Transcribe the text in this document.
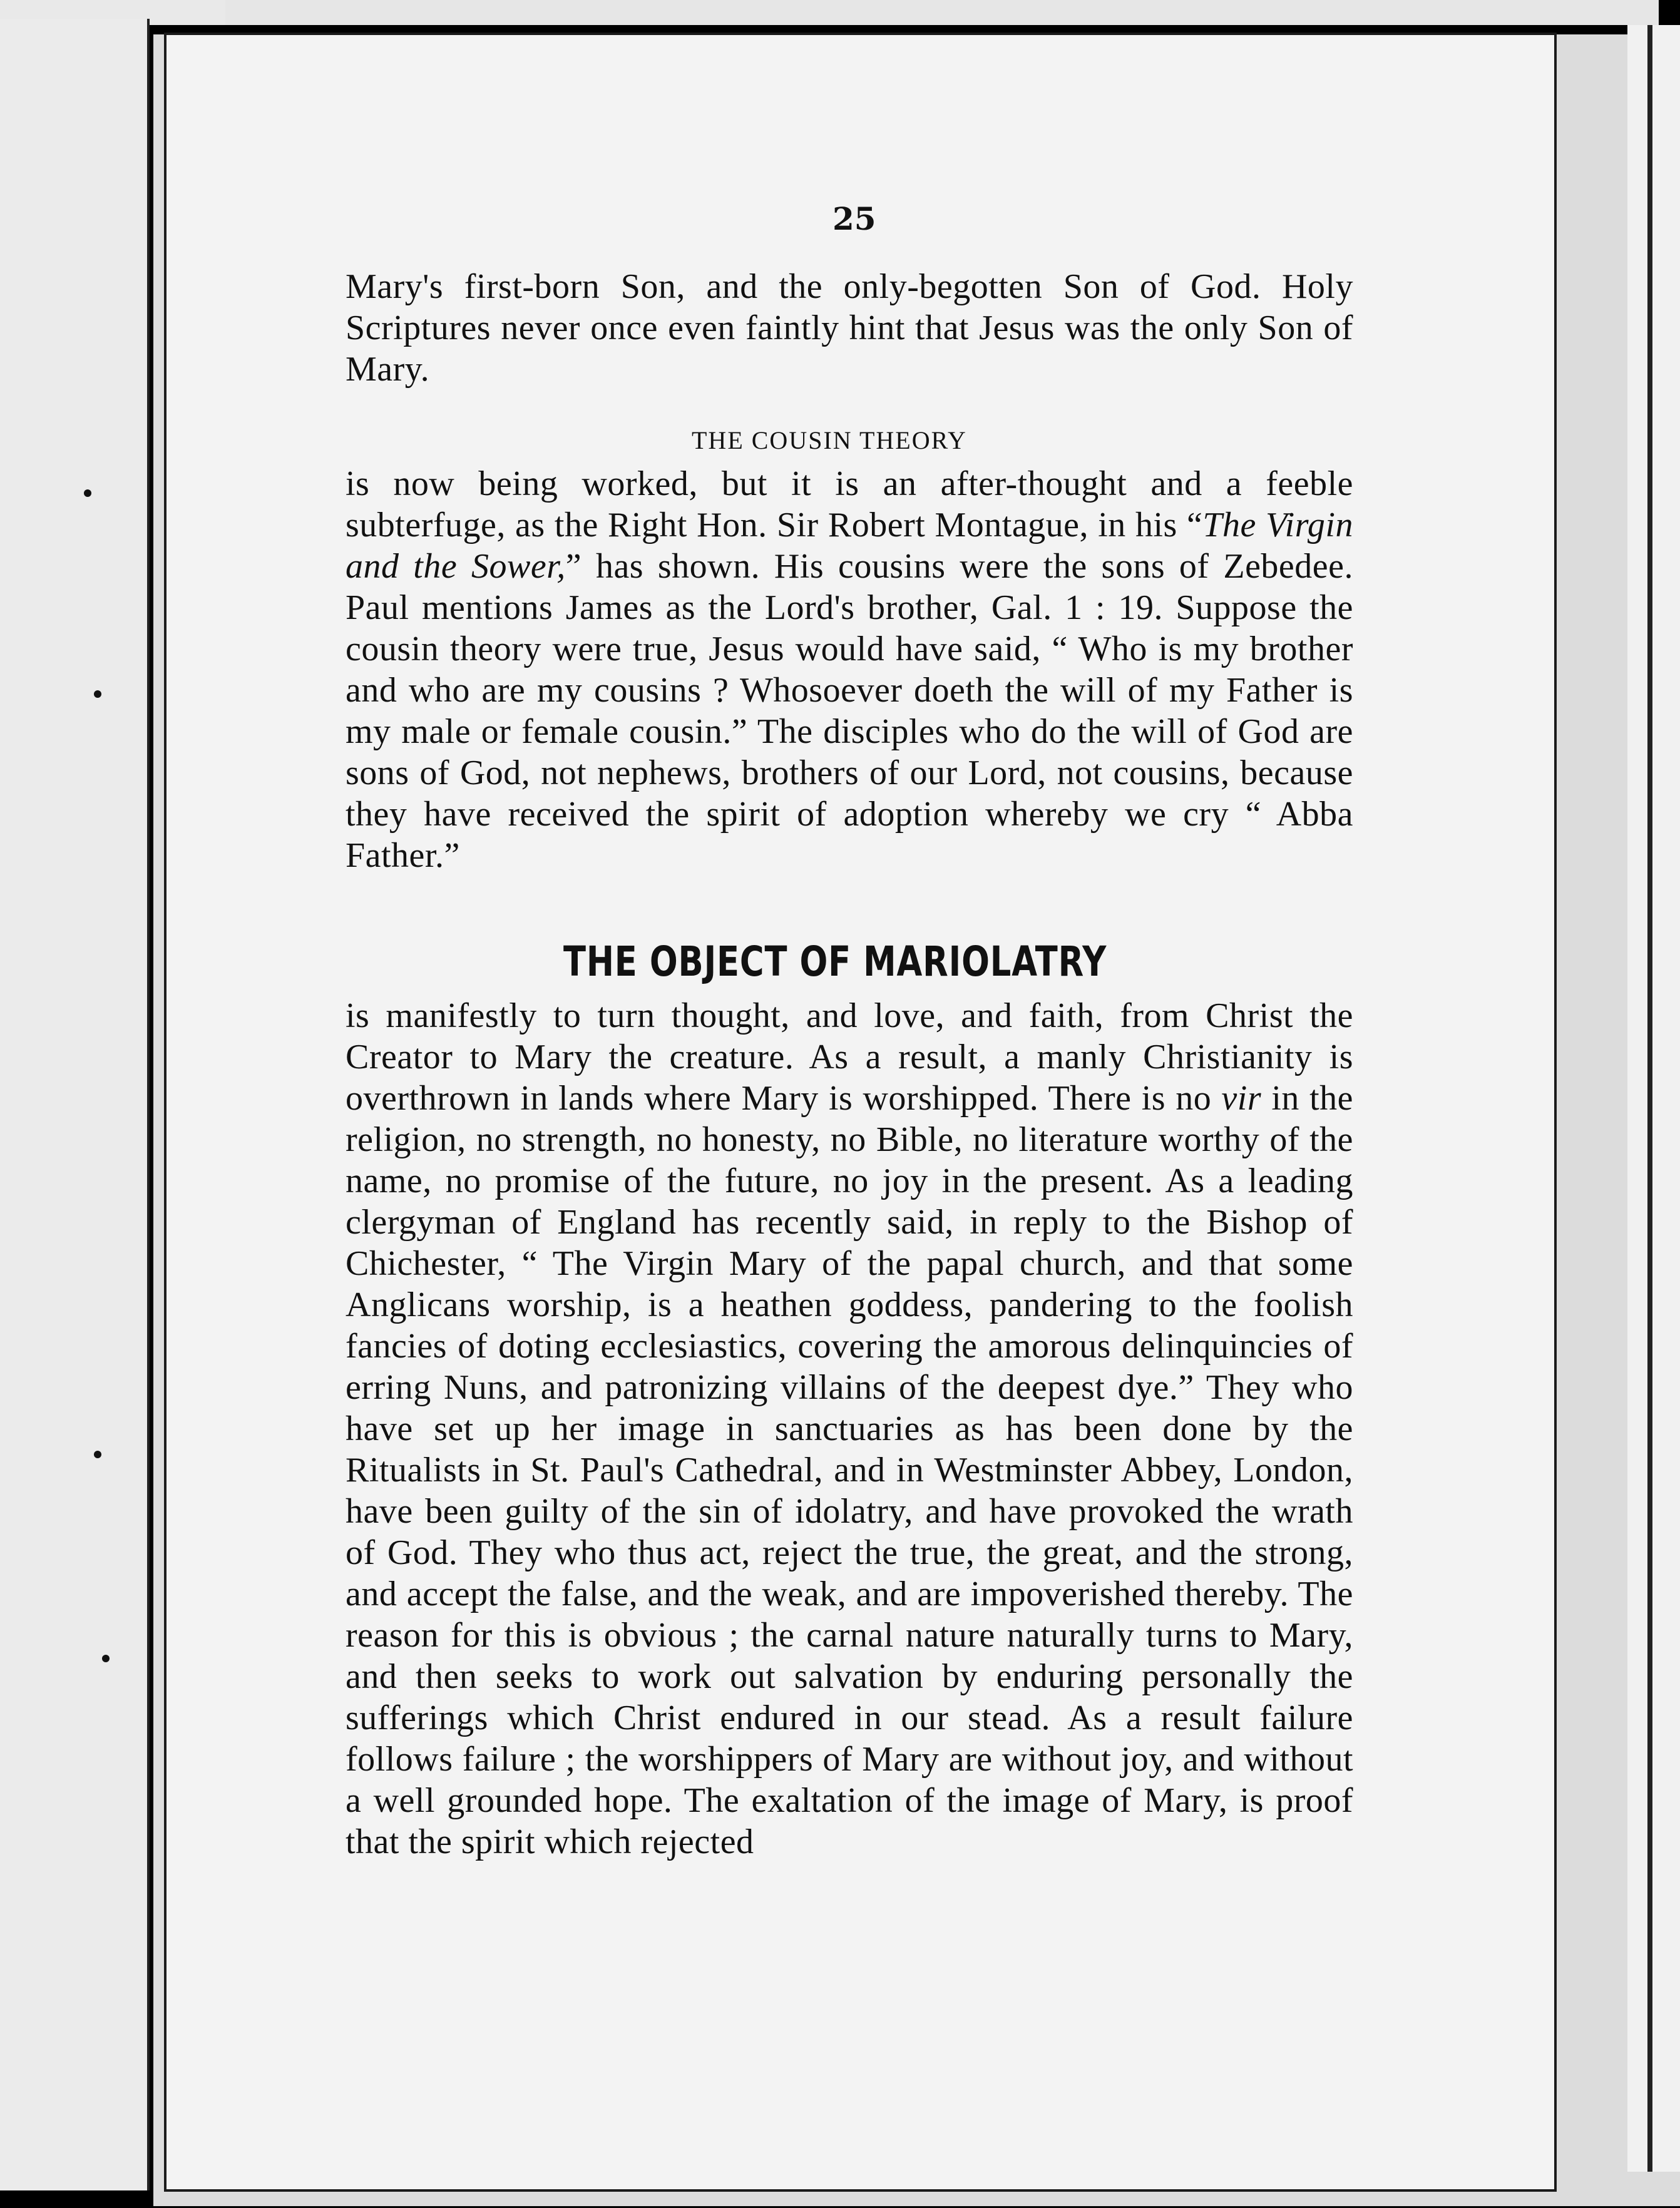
25

Mary's first-born Son, and the only-begotten Son of God. Holy Scriptures never once even faintly hint that Jesus was the only Son of Mary.

THE COUSIN THEORY

is now being worked, but it is an after-thought and a feeble subterfuge, as the Right Hon. Sir Robert Montague, in his “The Virgin and the Sower,” has shown. His cousins were the sons of Zebedee. Paul mentions James as the Lord's brother, Gal. 1 : 19. Suppose the cousin theory were true, Jesus would have said, “ Who is my brother and who are my cousins ? Whosoever doeth the will of my Father is my male or female cousin.” The disciples who do the will of God are sons of God, not nephews, brothers of our Lord, not cousins, because they have received the spirit of adoption whereby we cry “ Abba Father.”

THE OBJECT OF MARIOLATRY

is manifestly to turn thought, and love, and faith, from Christ the Creator to Mary the creature. As a result, a manly Christianity is overthrown in lands where Mary is worshipped. There is no vir in the religion, no strength, no honesty, no Bible, no literature worthy of the name, no promise of the future, no joy in the present. As a leading clergyman of England has recently said, in reply to the Bishop of Chichester, “ The Virgin Mary of the papal church, and that some Anglicans worship, is a heathen goddess, pandering to the foolish fancies of doting ecclesiastics, covering the amorous delinquincies of erring Nuns, and patronizing villains of the deepest dye.” They who have set up her image in sanctuaries as has been done by the Ritualists in St. Paul's Cathedral, and in Westminster Abbey, London, have been guilty of the sin of idolatry, and have provoked the wrath of God. They who thus act, reject the true, the great, and the strong, and accept the false, and the weak, and are impoverished thereby. The reason for this is obvious ; the carnal nature naturally turns to Mary, and then seeks to work out salvation by enduring personally the sufferings which Christ endured in our stead. As a result failure follows failure ; the worshippers of Mary are without joy, and without a well grounded hope. The exaltation of the image of Mary, is proof that the spirit which rejected
